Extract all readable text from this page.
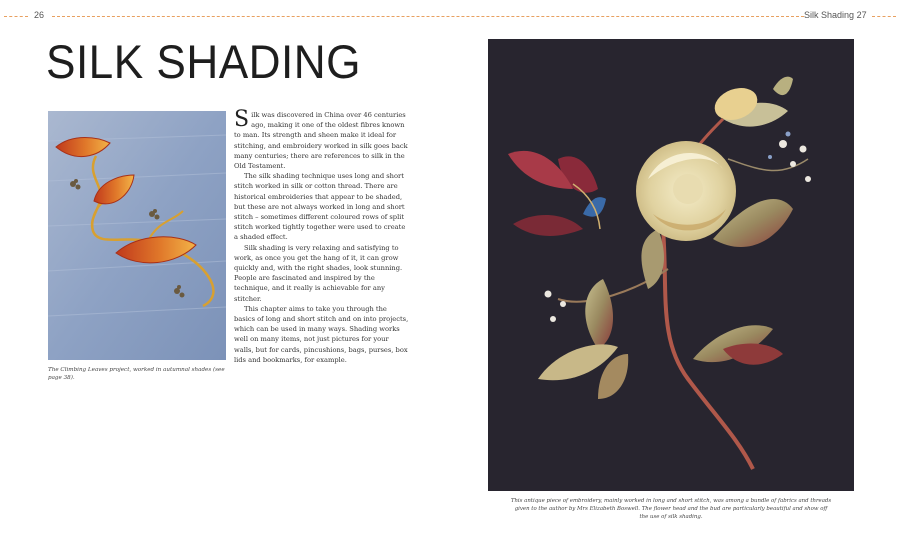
26	Silk Shading 27
SILK SHADING
The Climbing Leaves project, worked in autumnal shades (see page 38).

Silk was discovered in China over 46 centuries ago, making it one of the oldest fibres known to man. Its strength and sheen make it ideal for stitching, and embroidery worked in silk goes back many centuries; there are references to silk in the Old Testament.

The silk shading technique uses long and short stitch worked in silk or cotton thread. There are historical embroideries that appear to be shaded, but these are not always worked in long and short stitch – sometimes different coloured rows of split stitch worked tightly together were used to create a shaded effect.

Silk shading is very relaxing and satisfying to work, as once you get the hang of it, it can grow quickly and, with the right shades, look stunning. People are fascinated and inspired by the technique, and it really is achievable for any stitcher.

This chapter aims to take you through the basics of long and short stitch and on into projects, which can be used in many ways. Shading works well on many items, not just pictures for your walls, but for cards, pincushions, bags, purses, box lids and bookmarks, for example.

This antique piece of embroidery, mainly worked in long and short stitch, was among a bundle of fabrics and threads given to the author by Mrs Elizabeth Boswell. The flower head and the bud are particularly beautiful and show off the use of silk shading.
